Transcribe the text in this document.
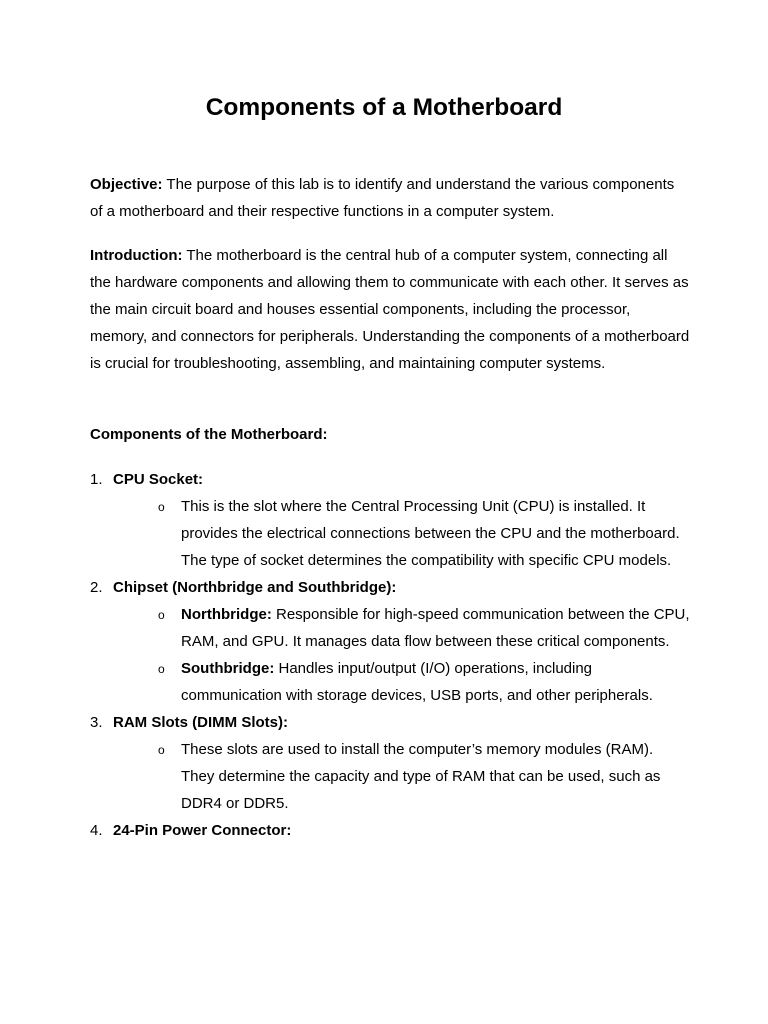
Components of a Motherboard
Objective: The purpose of this lab is to identify and understand the various components of a motherboard and their respective functions in a computer system.
Introduction: The motherboard is the central hub of a computer system, connecting all the hardware components and allowing them to communicate with each other. It serves as the main circuit board and houses essential components, including the processor, memory, and connectors for peripherals. Understanding the components of a motherboard is crucial for troubleshooting, assembling, and maintaining computer systems.
Components of the Motherboard:
1. CPU Socket:
o This is the slot where the Central Processing Unit (CPU) is installed. It provides the electrical connections between the CPU and the motherboard. The type of socket determines the compatibility with specific CPU models.
2. Chipset (Northbridge and Southbridge):
o Northbridge: Responsible for high-speed communication between the CPU, RAM, and GPU. It manages data flow between these critical components.
o Southbridge: Handles input/output (I/O) operations, including communication with storage devices, USB ports, and other peripherals.
3. RAM Slots (DIMM Slots):
o These slots are used to install the computer’s memory modules (RAM). They determine the capacity and type of RAM that can be used, such as DDR4 or DDR5.
4. 24-Pin Power Connector:
